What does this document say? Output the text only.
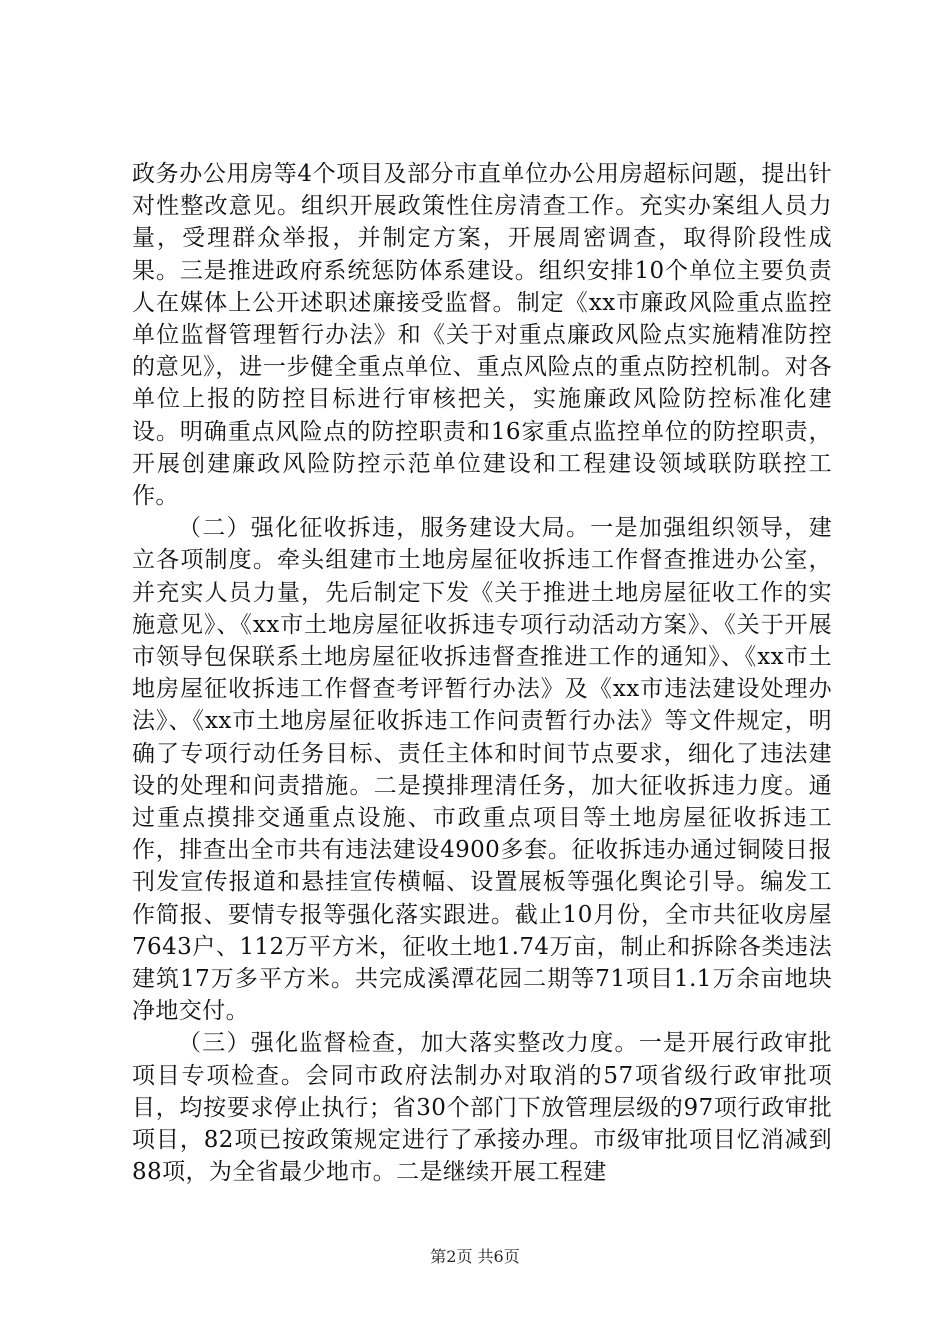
政务办公用房等4个项目及部分市直单位办公用房超标问题，提出针对性整改意见。组织开展政策性住房清查工作。充实办案组人员力量，受理群众举报，并制定方案，开展周密调查，取得阶段性成果。三是推进政府系统惩防体系建设。组织安排10个单位主要负责人在媒体上公开述职述廉接受监督。制定《xx市廉政风险重点监控单位监督管理暂行办法》和《关于对重点廉政风险点实施精准防控的意见》，进一步健全重点单位、重点风险点的重点防控机制。对各单位上报的防控目标进行审核把关，实施廉政风险防控标准化建设。明确重点风险点的防控职责和16家重点监控单位的防控职责，开展创建廉政风险防控示范单位建设和工程建设领域联防联控工作。

（二）强化征收拆违，服务建设大局。一是加强组织领导，建立各项制度。牵头组建市土地房屋征收拆违工作督查推进办公室，并充实人员力量，先后制定下发《关于推进土地房屋征收工作的实施意见》、《xx市土地房屋征收拆违专项行动活动方案》、《关于开展市领导包保联系土地房屋征收拆违督查推进工作的通知》、《xx市土地房屋征收拆违工作督查考评暂行办法》及《xx市违法建设处理办法》、《xx市土地房屋征收拆违工作问责暂行办法》等文件规定，明确了专项行动任务目标、责任主体和时间节点要求，细化了违法建设的处理和问责措施。二是摸排理清任务，加大征收拆违力度。通过重点摸排交通重点设施、市政重点项目等土地房屋征收拆违工作，排查出全市共有违法建设4900多套。征收拆违办通过铜陵日报刊发宣传报道和悬挂宣传横幅、设置展板等强化舆论引导。编发工作简报、要情专报等强化落实跟进。截止10月份，全市共征收房屋7643户、112万平方米，征收土地1.74万亩，制止和拆除各类违法建筑17万多平方米。共完成溪潭花园二期等71项目1.1万余亩地块净地交付。

（三）强化监督检查，加大落实整改力度。一是开展行政审批项目专项检查。会同市政府法制办对取消的57项省级行政审批项目，均按要求停止执行；省30个部门下放管理层级的97项行政审批项目，82项已按政策规定进行了承接办理。市级审批项目忆消减到88项，为全省最少地市。二是继续开展工程建

第2页 共6页
